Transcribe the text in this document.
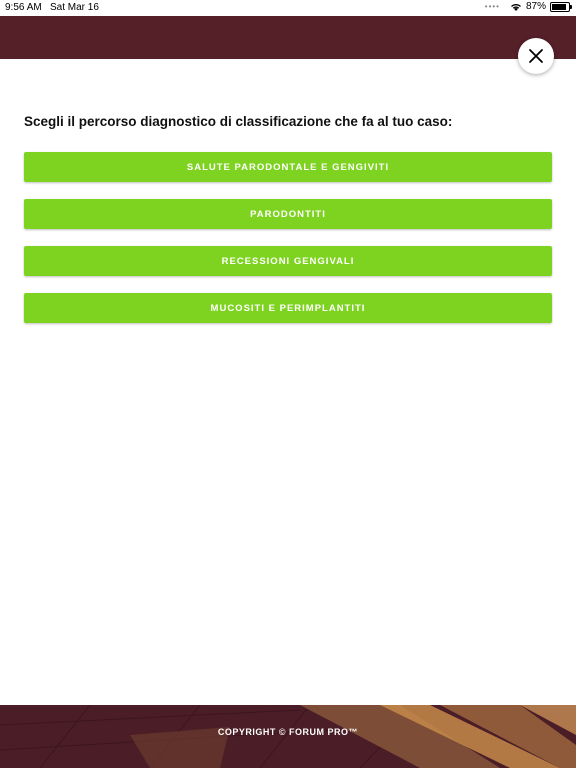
9:56 AM Sat Mar 16	••••	87%
Scegli il percorso diagnostico di classificazione che fa al tuo caso:
SALUTE PARODONTALE E GENGIVITI
PARODONTITI
RECESSIONI GENGIVALI
MUCOSITI E PERIMPLANTITI
COPYRIGHT © FORUM PRO™
